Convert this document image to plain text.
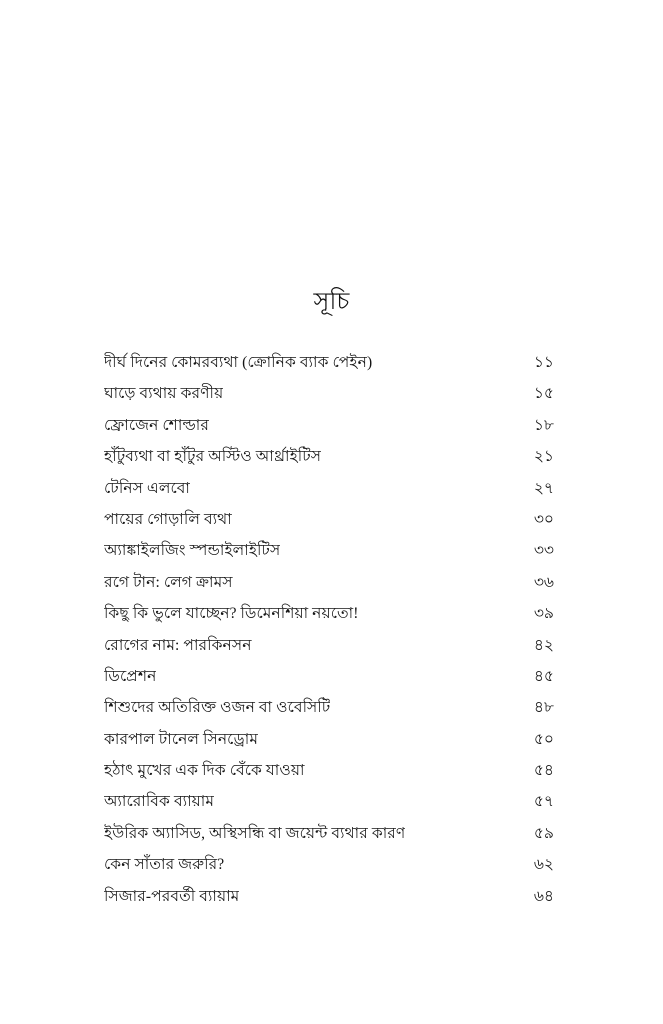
সূচি
দীর্ঘ দিনের কোমরব্যথা (ক্রোনিক ব্যাক পেইন)	১১
ঘাড়ে ব্যথায় করণীয়	১৫
ফ্রোজেন শোল্ডার	১৮
হাঁটুব্যথা বা হাঁটুর অস্টিও আর্থ্রাইটিস	২১
টেনিস এলবো	২৭
পায়ের গোড়ালি ব্যথা	৩০
অ্যাঙ্কাইলজিং স্পন্ডাইলাইটিস	৩৩
রগে টান: লেগ ক্রামস	৩৬
কিছু কি ভুলে যাচ্ছেন? ডিমেনশিয়া নয়তো!	৩৯
রোগের নাম: পারকিনসন	৪২
ডিপ্রেশন	৪৫
শিশুদের অতিরিক্ত ওজন বা ওবেসিটি	৪৮
কারপাল টানেল সিনড্রোম	৫০
হঠাৎ মুখের এক দিক বেঁকে যাওয়া	৫৪
অ্যারোবিক ব্যায়াম	৫৭
ইউরিক অ্যাসিড, অস্থিসন্ধি বা জয়েন্ট ব্যথার কারণ	৫৯
কেন সাঁতার জরুরি?	৬২
সিজার-পরবর্তী ব্যায়াম	৬৪
